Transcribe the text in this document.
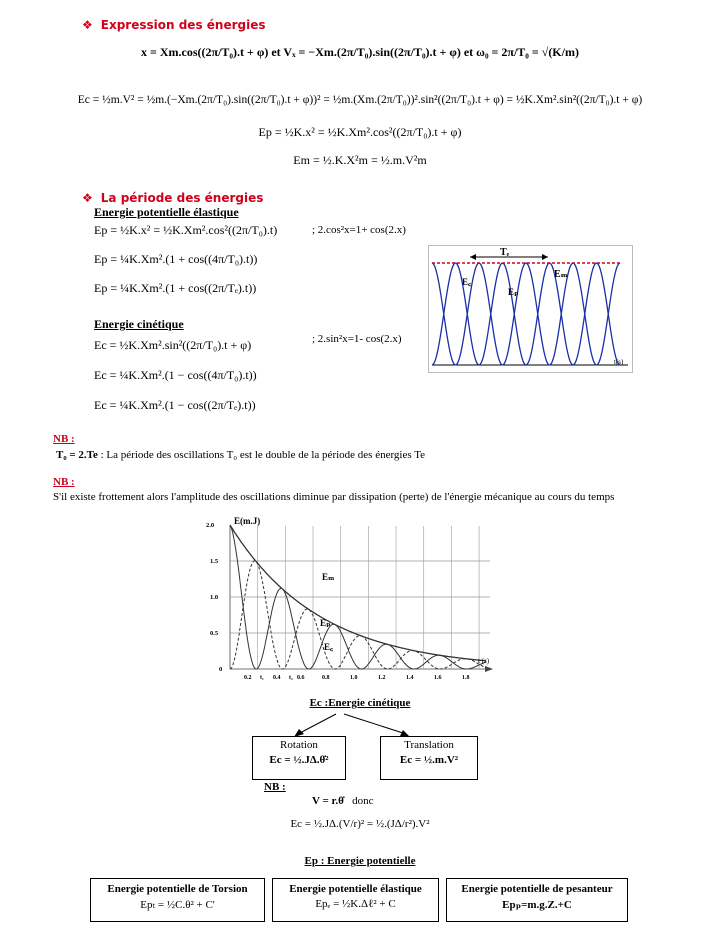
❖ Expression des énergies
x = Xm.cos((2π/T₀).t + φ) et Vₓ = −Xm.(2π/T₀).sin((2π/T₀).t + φ) et ω₀ = 2π/T₀ = √(K/m)
Ec = ½m.V² = ½m.(−Xm.(2π/T₀).sin((2π/T₀).t + φ))² = ½m.(Xm.(2π/T₀))².sin²((2π/T₀).t + φ) = ½K.Xm².sin²((2π/T₀).t + φ)
Ep = ½K.x² = ½K.Xm².cos²((2π/T₀).t + φ)
Em = ½.K.X²m = ½.m.V²m
❖ La période des énergies
Energie potentielle élastique
Ep = ½K.x² = ½K.Xm².cos²((2π/T₀).t)
Ep = ¼K.Xm².(1 + cos((4π/T₀).t))
Ep = ¼K.Xm².(1 + cos((2π/Tₑ).t))
; 2.cos²x=1+ cos(2.x)
Energie cinétique
Ec = ½K.Xm².sin²((2π/T₀).t + φ)
Ec = ¼K.Xm².(1 − cos((4π/T₀).t))
Ec = ¼K.Xm².(1 − cos((2π/Tₑ).t))
; 2.sin²x=1- cos(2.x)
Tₑ
Eₘ
E꜀
Eₚ
t(s)
NB :
T₀ = 2.Te : La période des oscillations T₀ est le double de la période des énergies Te
NB :
S'il existe frottement alors l'amplitude des oscillations diminue par dissipation (perte) de l'énergie mécanique au cours du temps
E(m.J)
t (s)
2.0
1.5
1.0
0.5
0
0.2 t₁ 0.4 t₂ 0.6	0.8	1.0	1.2	1.4	1.6	1.8
Eₘ
Eₚ
E꜀
Ec :Energie cinétique
Rotation
Ec = ½.JΔ.θ̇²
Translation
Ec = ½.m.V²
NB :
V = r.θ̇ donc
Ec = ½.JΔ.(V/r)² = ½.(JΔ/r²).V²
Ep : Energie potentielle
Energie potentielle de Torsion
Epₜ = ½C.θ² + C'
Energie potentielle élastique
Epₑ = ½K.Δℓ² + C
Energie potentielle de pesanteur
Epₚ=m.g.Z.+C
